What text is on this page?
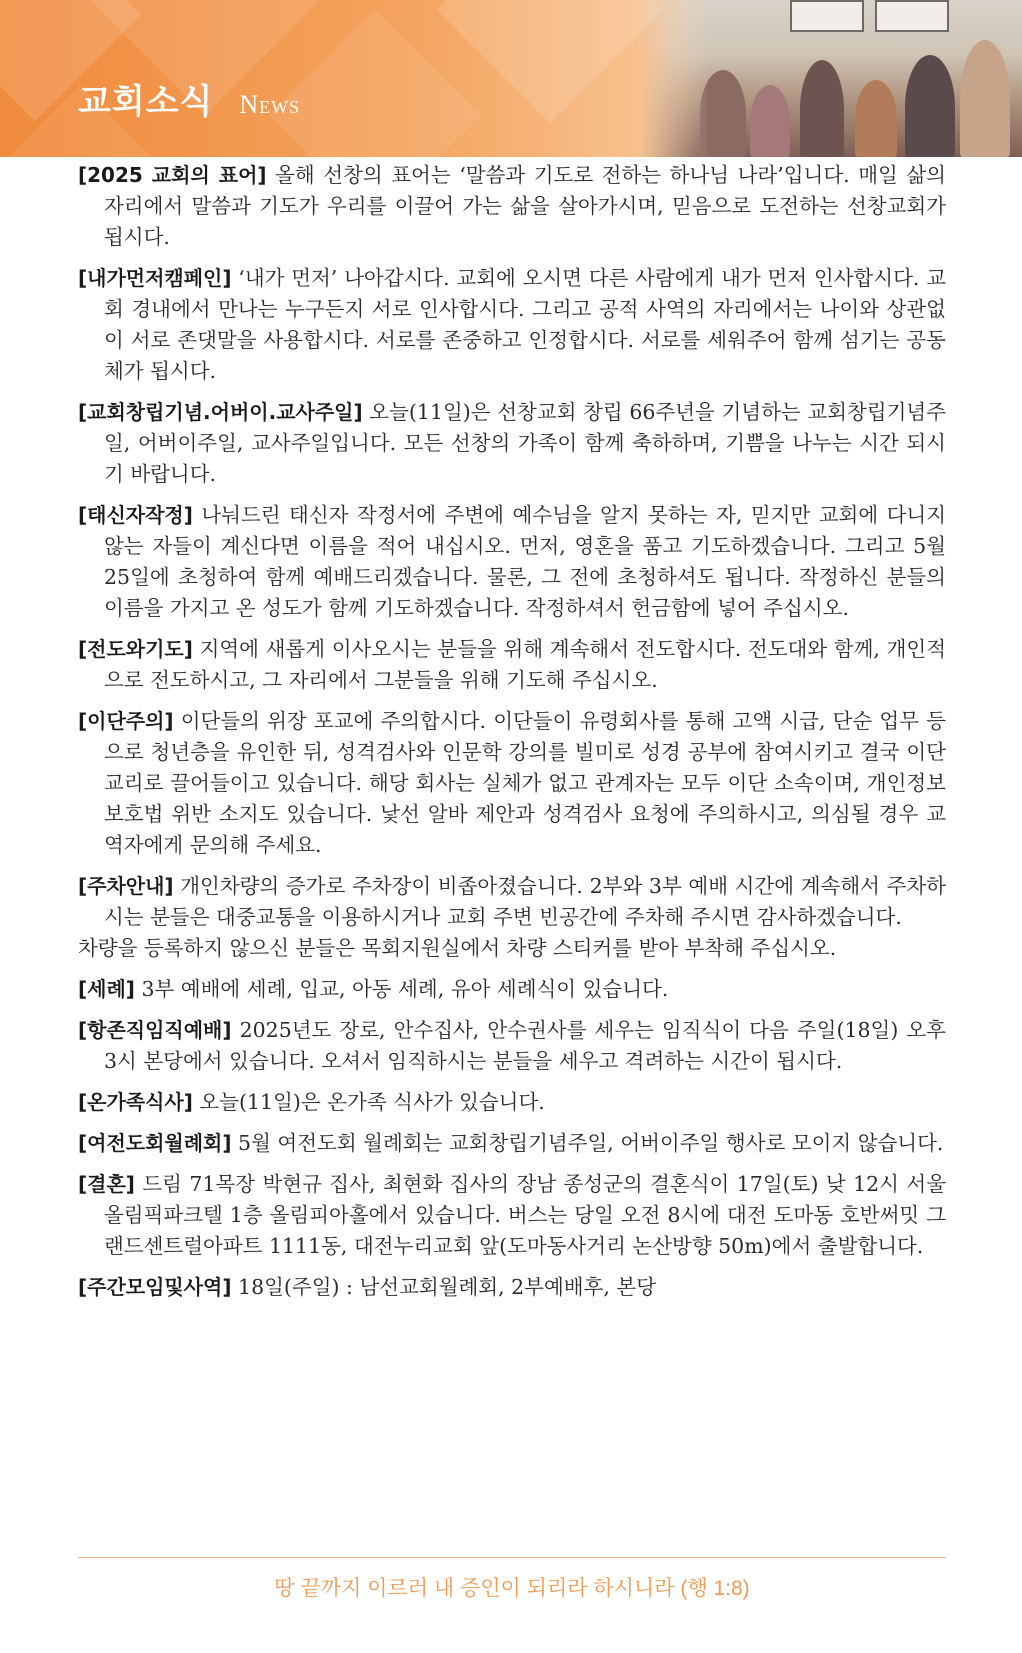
교회소식 News

[2025 교회의 표어] 올해 선창의 표어는 ‘말씀과 기도로 전하는 하나님 나라’입니다. 매일 삶의 자리에서 말씀과 기도가 우리를 이끌어 가는 삶을 살아가시며, 믿음으로 도전하는 선창교회가 됩시다.

[내가먼저캠페인] ‘내가 먼저’ 나아갑시다. 교회에 오시면 다른 사람에게 내가 먼저 인사합시다. 교회 경내에서 만나는 누구든지 서로 인사합시다. 그리고 공적 사역의 자리에서는 나이와 상관없이 서로 존댓말을 사용합시다. 서로를 존중하고 인정합시다. 서로를 세워주어 함께 섬기는 공동체가 됩시다.

[교회창립기념.어버이.교사주일] 오늘(11일)은 선창교회 창립 66주년을 기념하는 교회창립기념주일, 어버이주일, 교사주일입니다. 모든 선창의 가족이 함께 축하하며, 기쁨을 나누는 시간 되시기 바랍니다.

[태신자작정] 나눠드린 태신자 작정서에 주변에 예수님을 알지 못하는 자, 믿지만 교회에 다니지 않는 자들이 계신다면 이름을 적어 내십시오. 먼저, 영혼을 품고 기도하겠습니다. 그리고 5월 25일에 초청하여 함께 예배드리겠습니다. 물론, 그 전에 초청하셔도 됩니다. 작정하신 분들의 이름을 가지고 온 성도가 함께 기도하겠습니다. 작정하셔서 헌금함에 넣어 주십시오.

[전도와기도] 지역에 새롭게 이사오시는 분들을 위해 계속해서 전도합시다. 전도대와 함께, 개인적으로 전도하시고, 그 자리에서 그분들을 위해 기도해 주십시오.

[이단주의] 이단들의 위장 포교에 주의합시다. 이단들이 유령회사를 통해 고액 시급, 단순 업무 등으로 청년층을 유인한 뒤, 성격검사와 인문학 강의를 빌미로 성경 공부에 참여시키고 결국 이단 교리로 끌어들이고 있습니다. 해당 회사는 실체가 없고 관계자는 모두 이단 소속이며, 개인정보보호법 위반 소지도 있습니다. 낯선 알바 제안과 성격검사 요청에 주의하시고, 의심될 경우 교역자에게 문의해 주세요.

[주차안내] 개인차량의 증가로 주차장이 비좁아졌습니다. 2부와 3부 예배 시간에 계속해서 주차하시는 분들은 대중교통을 이용하시거나 교회 주변 빈공간에 주차해 주시면 감사하겠습니다.
차량을 등록하지 않으신 분들은 목회지원실에서 차량 스티커를 받아 부착해 주십시오.

[세례] 3부 예배에 세례, 입교, 아동 세례, 유아 세례식이 있습니다.

[항존직임직예배] 2025년도 장로, 안수집사, 안수권사를 세우는 임직식이 다음 주일(18일) 오후 3시 본당에서 있습니다. 오셔서 임직하시는 분들을 세우고 격려하는 시간이 됩시다.

[온가족식사] 오늘(11일)은 온가족 식사가 있습니다.

[여전도회월례회] 5월 여전도회 월례회는 교회창립기념주일, 어버이주일 행사로 모이지 않습니다.

[결혼] 드림 71목장 박현규 집사, 최현화 집사의 장남 종성군의 결혼식이 17일(토) 낮 12시 서울 올림픽파크텔 1층 올림피아홀에서 있습니다. 버스는 당일 오전 8시에 대전 도마동 호반써밋 그랜드센트럴아파트 1111동, 대전누리교회 앞(도마동사거리 논산방향 50m)에서 출발합니다.

[주간모임및사역] 18일(주일) : 남선교회월례회, 2부예배후, 본당

땅 끝까지 이르러 내 증인이 되리라 하시니라 (행 1:8)
